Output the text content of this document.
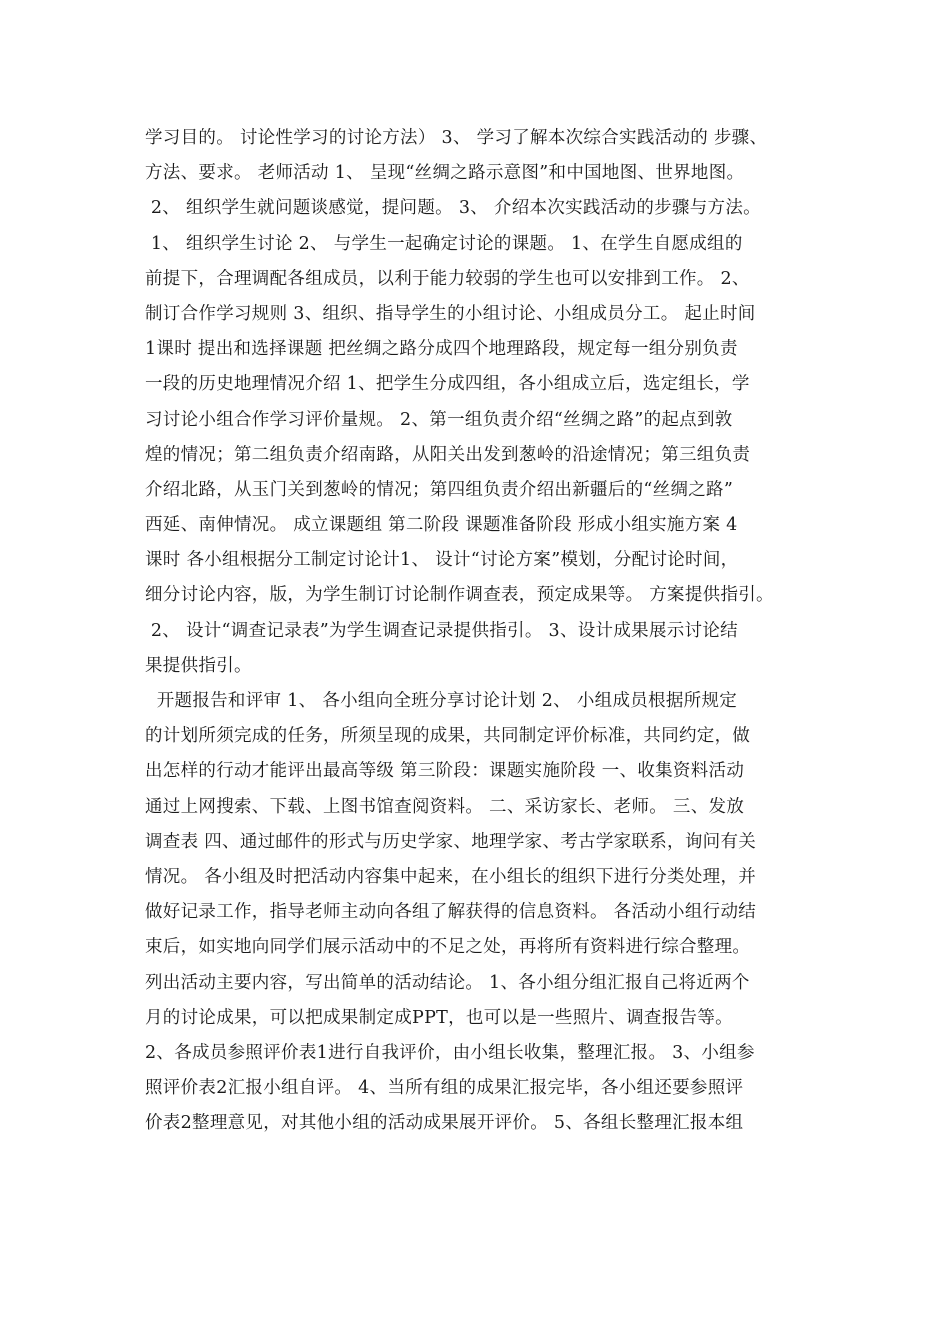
学习目的。 讨论性学习的讨论方法） 3、 学习了解本次综合实践活动的 步骤、
方法、要求。 老师活动 1、 呈现“丝绸之路示意图”和中国地图、世界地图。
2、 组织学生就问题谈感觉，提问题。 3、 介绍本次实践活动的步骤与方法。
1、 组织学生讨论 2、 与学生一起确定讨论的课题。 1、在学生自愿成组的
前提下，合理调配各组成员，以利于能力较弱的学生也可以安排到工作。 2、
制订合作学习规则 3、组织、指导学生的小组讨论、小组成员分工。 起止时间
1课时 提出和选择课题 把丝绸之路分成四个地理路段，规定每一组分别负责
一段的历史地理情况介绍 1、把学生分成四组，各小组成立后，选定组长，学
习讨论小组合作学习评价量规。 2、第一组负责介绍“丝绸之路”的起点到敦
煌的情况；第二组负责介绍南路，从阳关出发到葱岭的沿途情况；第三组负责
介绍北路，从玉门关到葱岭的情况；第四组负责介绍出新疆后的“丝绸之路”
西延、南伸情况。 成立课题组 第二阶段 课题准备阶段 形成小组实施方案 4
课时 各小组根据分工制定讨论计1、 设计“讨论方案”模划，分配讨论时间，
细分讨论内容，版，为学生制订讨论制作调查表，预定成果等。 方案提供指引。
2、 设计“调查记录表”为学生调查记录提供指引。 3、设计成果展示讨论结
果提供指引。
开题报告和评审 1、 各小组向全班分享讨论计划 2、 小组成员根据所规定
的计划所须完成的任务，所须呈现的成果，共同制定评价标准，共同约定，做
出怎样的行动才能评出最高等级 第三阶段：课题实施阶段 一、收集资料活动
通过上网搜索、下载、上图书馆查阅资料。 二、采访家长、老师。 三、发放
调查表 四、通过邮件的形式与历史学家、地理学家、考古学家联系，询问有关
情况。 各小组及时把活动内容集中起来，在小组长的组织下进行分类处理，并
做好记录工作，指导老师主动向各组了解获得的信息资料。 各活动小组行动结
束后，如实地向同学们展示活动中的不足之处，再将所有资料进行综合整理。
列出活动主要内容，写出简单的活动结论。 1、各小组分组汇报自己将近两个
月的讨论成果，可以把成果制定成PPT，也可以是一些照片、调查报告等。
2、各成员参照评价表1进行自我评价，由小组长收集，整理汇报。 3、小组参
照评价表2汇报小组自评。 4、当所有组的成果汇报完毕，各小组还要参照评
价表2整理意见，对其他小组的活动成果展开评价。 5、各组长整理汇报本组
